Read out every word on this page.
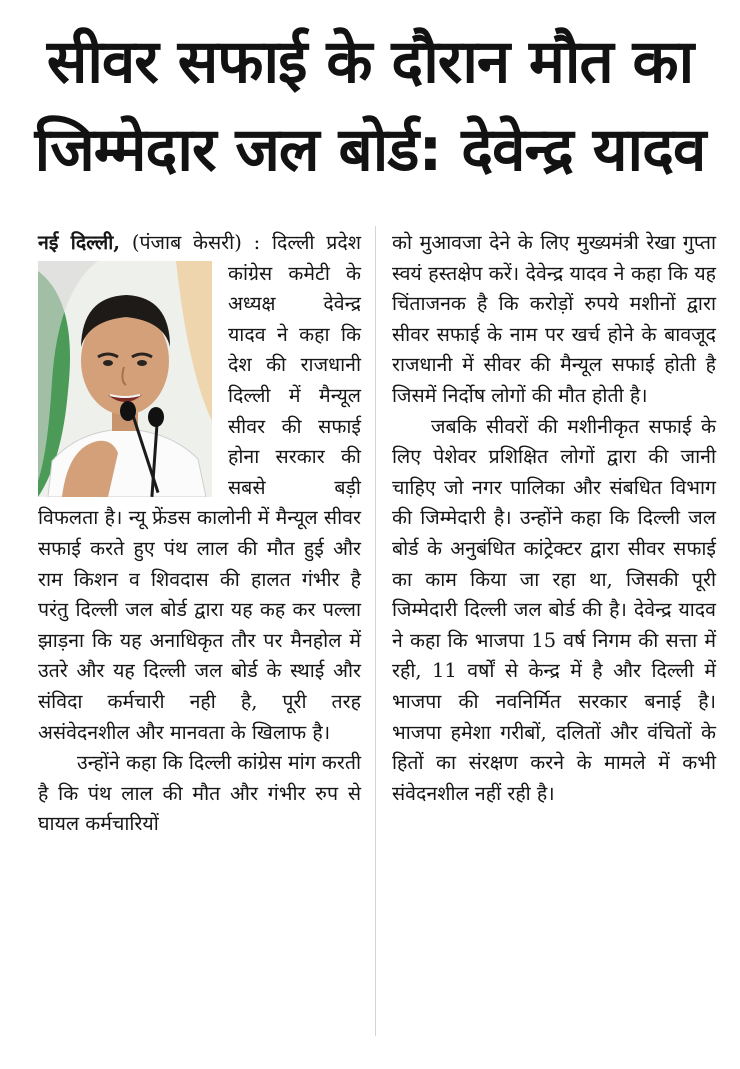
सीवर सफाई के दौरान मौत का
जिम्मेदार जल बोर्ड: देवेन्द्र यादव

नई दिल्ली, (पंजाब केसरी) : दिल्ली प्रदेश कांग्रेस कमेटी के अध्यक्ष देवेन्द्र यादव ने कहा कि देश की राजधानी दिल्ली में मैन्यूल सीवर की सफाई होना सरकार की सबसे बड़ी विफलता है। न्यू फ्रेंडस कालोनी में मैन्यूल सीवर सफाई करते हुए पंथ लाल की मौत हुई और राम किशन व शिवदास की हालत गंभीर है परंतु दिल्ली जल बोर्ड द्वारा यह कह कर पल्ला झाड़ना कि यह अनाधिकृत तौर पर मैनहोल में उतरे और यह दिल्ली जल बोर्ड के स्थाई और संविदा कर्मचारी नही है, पूरी तरह असंवेदनशील और मानवता के खिलाफ है।

उन्होंने कहा कि दिल्ली कांग्रेस मांग करती है कि पंथ लाल की मौत और गंभीर रुप से घायल कर्मचारियों

को मुआवजा देने के लिए मुख्यमंत्री रेखा गुप्ता स्वयं हस्तक्षेप करें। देवेन्द्र यादव ने कहा कि यह चिंताजनक है कि करोड़ों रुपये मशीनों द्वारा सीवर सफाई के नाम पर खर्च होने के बावजूद राजधानी में सीवर की मैन्यूल सफाई होती है जिसमें निर्दोष लोगों की मौत होती है।

जबकि सीवरों की मशीनीकृत सफाई के लिए पेशेवर प्रशिक्षित लोगों द्वारा की जानी चाहिए जो नगर पालिका और संबधित विभाग की जिम्मेदारी है। उन्होंने कहा कि दिल्ली जल बोर्ड के अनुबंधित कांट्रेक्टर द्वारा सीवर सफाई का काम किया जा रहा था, जिसकी पूरी जिम्मेदारी दिल्ली जल बोर्ड की है। देवेन्द्र यादव ने कहा कि भाजपा 15 वर्ष निगम की सत्ता में रही, 11 वर्षों से केन्द्र में है और दिल्ली में भाजपा की नवनिर्मित सरकार बनाई है। भाजपा हमेशा गरीबों, दलितों और वंचितों के हितों का संरक्षण करने के मामले में कभी संवेदनशील नहीं रही है।
